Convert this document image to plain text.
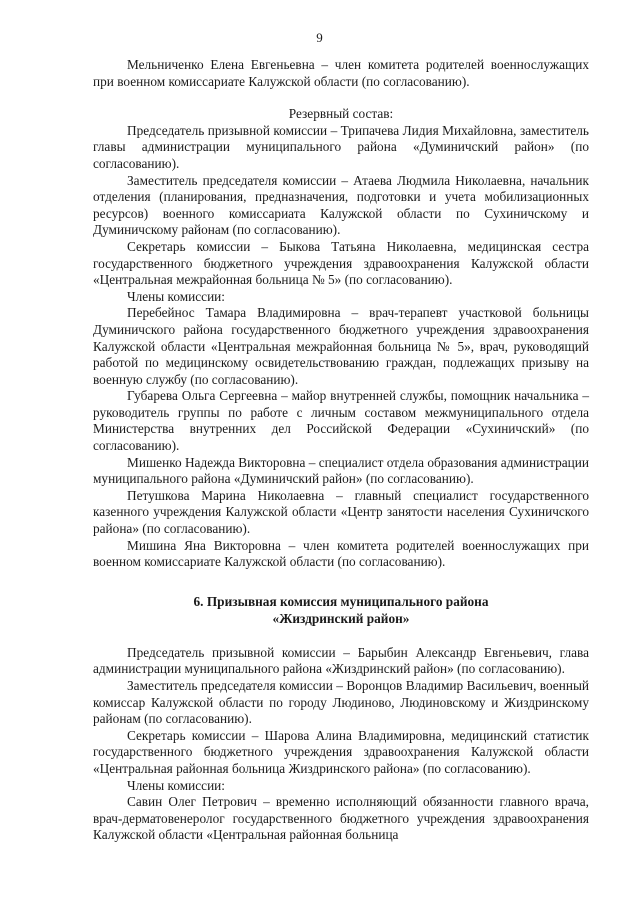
9

Мельниченко Елена Евгеньевна – член комитета родителей военнослужащих при военном комиссариате Калужской области (по согласованию).

Резервный состав:

Председатель призывной комиссии – Трипачева Лидия Михайловна, заместитель главы администрации муниципального района «Думиничский район» (по согласованию).

Заместитель председателя комиссии – Атаева Людмила Николаевна, начальник отделения (планирования, предназначения, подготовки и учета мобилизационных ресурсов) военного комиссариата Калужской области по Сухиничскому и Думиничскому районам (по согласованию).

Секретарь комиссии – Быкова Татьяна Николаевна, медицинская сестра государственного бюджетного учреждения здравоохранения Калужской области «Центральная межрайонная больница № 5» (по согласованию).

Члены комиссии:

Перебейнос Тамара Владимировна – врач-терапевт участковой больницы Думиничского района государственного бюджетного учреждения здравоохранения Калужской области «Центральная межрайонная больница № 5», врач, руководящий работой по медицинскому освидетельствованию граждан, подлежащих призыву на военную службу (по согласованию).

Губарева Ольга Сергеевна – майор внутренней службы, помощник начальника – руководитель группы по работе с личным составом межмуниципального отдела Министерства внутренних дел Российской Федерации «Сухиничский» (по согласованию).

Мишенко Надежда Викторовна – специалист отдела образования администрации муниципального района «Думиничский район» (по согласованию).

Петушкова Марина Николаевна – главный специалист государственного казенного учреждения Калужской области «Центр занятости населения Сухиничского района» (по согласованию).

Мишина Яна Викторовна – член комитета родителей военнослужащих при военном комиссариате Калужской области (по согласованию).

6. Призывная комиссия муниципального района
«Жиздринский район»

Председатель призывной комиссии – Барыбин Александр Евгеньевич, глава администрации муниципального района «Жиздринский район» (по согласованию).

Заместитель председателя комиссии – Воронцов Владимир Васильевич, военный комиссар Калужской области по городу Людиново, Людиновскому и Жиздринскому районам (по согласованию).

Секретарь комиссии – Шарова Алина Владимировна, медицинский статистик государственного бюджетного учреждения здравоохранения Калужской области «Центральная районная больница Жиздринского района» (по согласованию).

Члены комиссии:

Савин Олег Петрович – временно исполняющий обязанности главного врача, врач-дерматовенеролог государственного бюджетного учреждения здравоохранения Калужской области «Центральная районная больница
